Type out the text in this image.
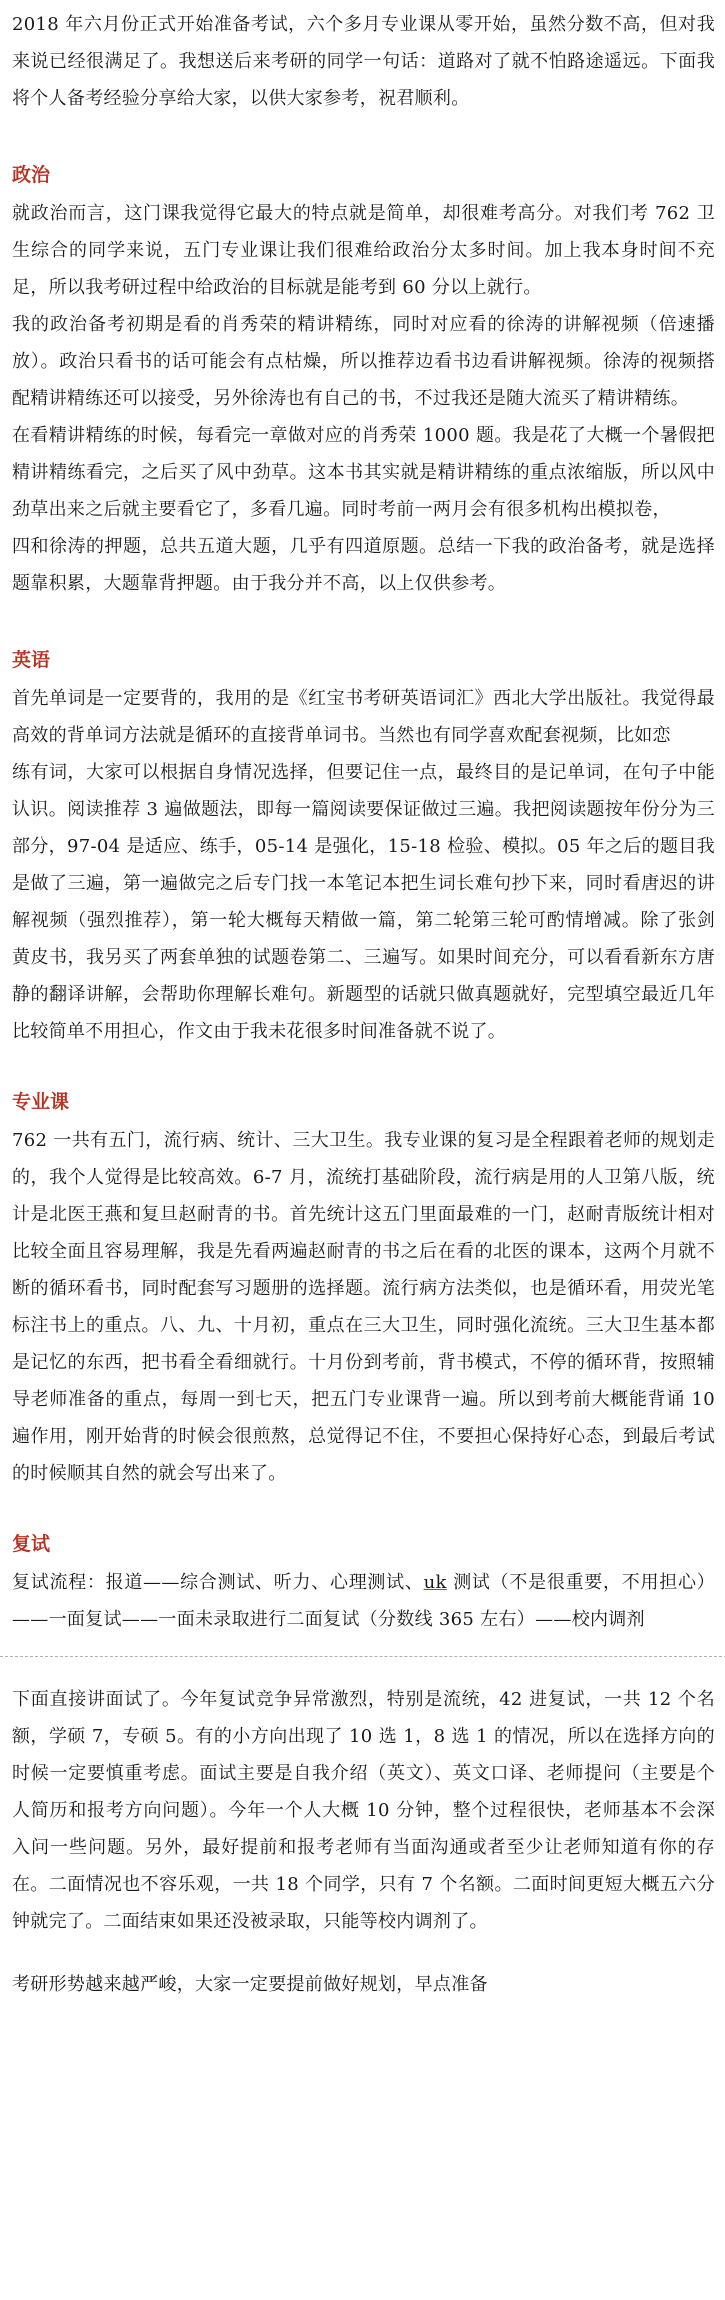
2018 年六月份正式开始准备考试，六个多月专业课从零开始，虽然分数不高，但对我来说已经很满足了。我想送后来考研的同学一句话：道路对了就不怕路途遥远。下面我将个人备考经验分享给大家，以供大家参考，祝君顺利。

政治

就政治而言，这门课我觉得它最大的特点就是简单，却很难考高分。对我们考 762 卫生综合的同学来说，五门专业课让我们很难给政治分太多时间。加上我本身时间不充足，所以我考研过程中给政治的目标就是能考到 60 分以上就行。

我的政治备考初期是看的肖秀荣的精讲精练，同时对应看的徐涛的讲解视频（倍速播放）。政治只看书的话可能会有点枯燥，所以推荐边看书边看讲解视频。徐涛的视频搭配精讲精练还可以接受，另外徐涛也有自己的书，不过我还是随大流买了精讲精练。

在看精讲精练的时候，每看完一章做对应的肖秀荣 1000 题。我是花了大概一个暑假把精讲精练看完，之后买了风中劲草。这本书其实就是精讲精练的重点浓缩版，所以风中劲草出来之后就主要看它了，多看几遍。同时考前一两月会有很多机构出模拟卷，

四和徐涛的押题，总共五道大题，几乎有四道原题。总结一下我的政治备考，就是选择题靠积累，大题靠背押题。由于我分并不高，以上仅供参考。

英语

首先单词是一定要背的，我用的是《红宝书考研英语词汇》西北大学出版社。我觉得最高效的背单词方法就是循环的直接背单词书。当然也有同学喜欢配套视频，比如恋

练有词，大家可以根据自身情况选择，但要记住一点，最终目的是记单词，在句子中能认识。阅读推荐 3 遍做题法，即每一篇阅读要保证做过三遍。我把阅读题按年份分为三部分，97-04 是适应、练手，05-14 是强化，15-18 检验、模拟。05 年之后的题目我是做了三遍，第一遍做完之后专门找一本笔记本把生词长难句抄下来，同时看唐迟的讲解视频（强烈推荐），第一轮大概每天精做一篇，第二轮第三轮可酌情增减。除了张剑黄皮书，我另买了两套单独的试题卷第二、三遍写。如果时间充分，可以看看新东方唐静的翻译讲解，会帮助你理解长难句。新题型的话就只做真题就好，完型填空最近几年比较简单不用担心，作文由于我未花很多时间准备就不说了。

专业课

762 一共有五门，流行病、统计、三大卫生。我专业课的复习是全程跟着老师的规划走的，我个人觉得是比较高效。6-7 月，流统打基础阶段，流行病是用的人卫第八版，统计是北医王燕和复旦赵耐青的书。首先统计这五门里面最难的一门，赵耐青版统计相对比较全面且容易理解，我是先看两遍赵耐青的书之后在看的北医的课本，这两个月就不断的循环看书，同时配套写习题册的选择题。流行病方法类似，也是循环看，用荧光笔标注书上的重点。八、九、十月初，重点在三大卫生，同时强化流统。三大卫生基本都是记忆的东西，把书看全看细就行。十月份到考前，背书模式，不停的循环背，按照辅导老师准备的重点，每周一到七天，把五门专业课背一遍。所以到考前大概能背诵 10 遍作用，刚开始背的时候会很煎熬，总觉得记不住，不要担心保持好心态，到最后考试的时候顺其自然的就会写出来了。

复试

复试流程：报道——综合测试、听力、心理测试、uk 测试（不是很重要，不用担心）——一面复试——一面未录取进行二面复试（分数线 365 左右）——校内调剂

下面直接讲面试了。今年复试竞争异常激烈，特别是流统，42 进复试，一共 12 个名额，学硕 7，专硕 5。有的小方向出现了 10 选 1，8 选 1 的情况，所以在选择方向的时候一定要慎重考虑。面试主要是自我介绍（英文）、英文口译、老师提问（主要是个人简历和报考方向问题）。今年一个人大概 10 分钟，整个过程很快，老师基本不会深入问一些问题。另外，最好提前和报考老师有当面沟通或者至少让老师知道有你的存在。二面情况也不容乐观，一共 18 个同学，只有 7 个名额。二面时间更短大概五六分钟就完了。二面结束如果还没被录取，只能等校内调剂了。

考研形势越来越严峻，大家一定要提前做好规划，早点准备
